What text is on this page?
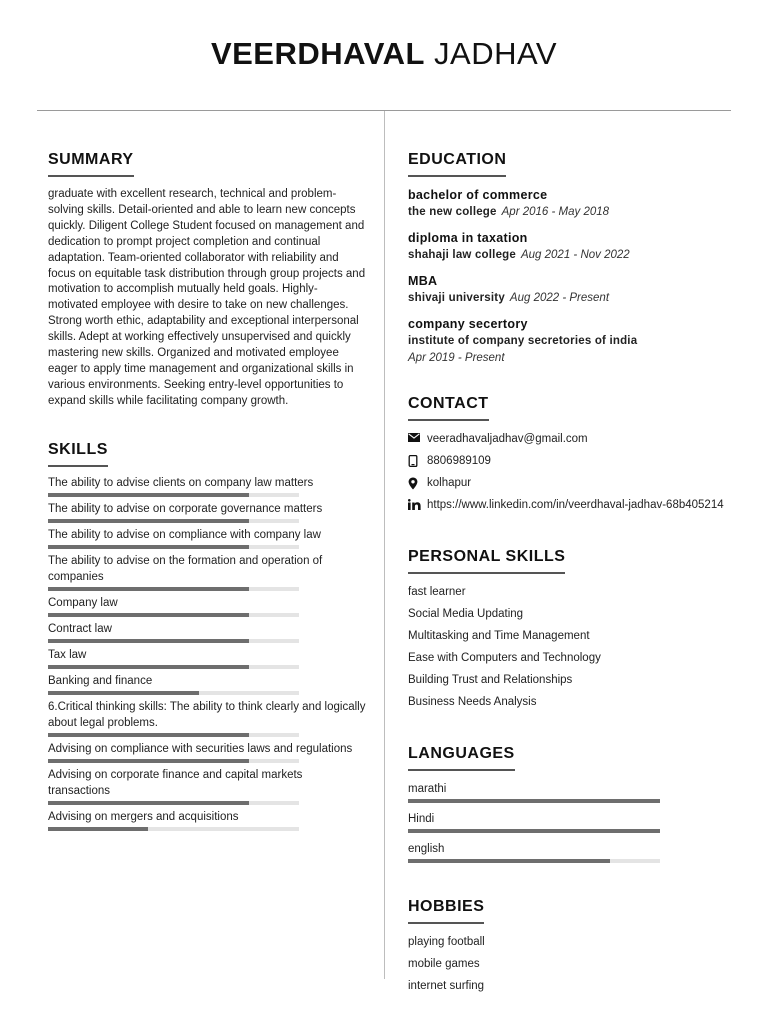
VEERDHAVAL JADHAV
SUMMARY

graduate with excellent research, technical and problem-solving skills. Detail-oriented and able to learn new concepts quickly. Diligent College Student focused on management and dedication to prompt project completion and continual adaptation. Team-oriented collaborator with reliability and focus on equitable task distribution through group projects and motivation to accomplish mutually held goals. Highly-motivated employee with desire to take on new challenges. Strong worth ethic, adaptability and exceptional interpersonal skills. Adept at working effectively unsupervised and quickly mastering new skills. Organized and motivated employee eager to apply time management and organizational skills in various environments. Seeking entry-level opportunities to expand skills while facilitating company growth.

SKILLS
The ability to advise clients on company law matters
The ability to advise on corporate governance matters
The ability to advise on compliance with company law
The ability to advise on the formation and operation of companies
Company law
Contract law
Tax law
Banking and finance
6.Critical thinking skills: The ability to think clearly and logically about legal problems.
Advising on compliance with securities laws and regulations
Advising on corporate finance and capital markets transactions
Advising on mergers and acquisitions
EDUCATION
bachelor of commerce
the new college Apr 2016 - May 2018
diploma in taxation
shahaji law college Aug 2021 - Nov 2022
MBA
shivaji university Aug 2022 - Present
company secertory
institute of company secretories of india
Apr 2019 - Present
CONTACT
veeradhavaljadhav@gmail.com
8806989109
kolhapur
https://www.linkedin.com/in/veerdhaval-jadhav-68b405214
PERSONAL SKILLS
fast learner
Social Media Updating
Multitasking and Time Management
Ease with Computers and Technology
Building Trust and Relationships
Business Needs Analysis
LANGUAGES
marathi
Hindi
english
HOBBIES
playing football
mobile games
internet surfing
